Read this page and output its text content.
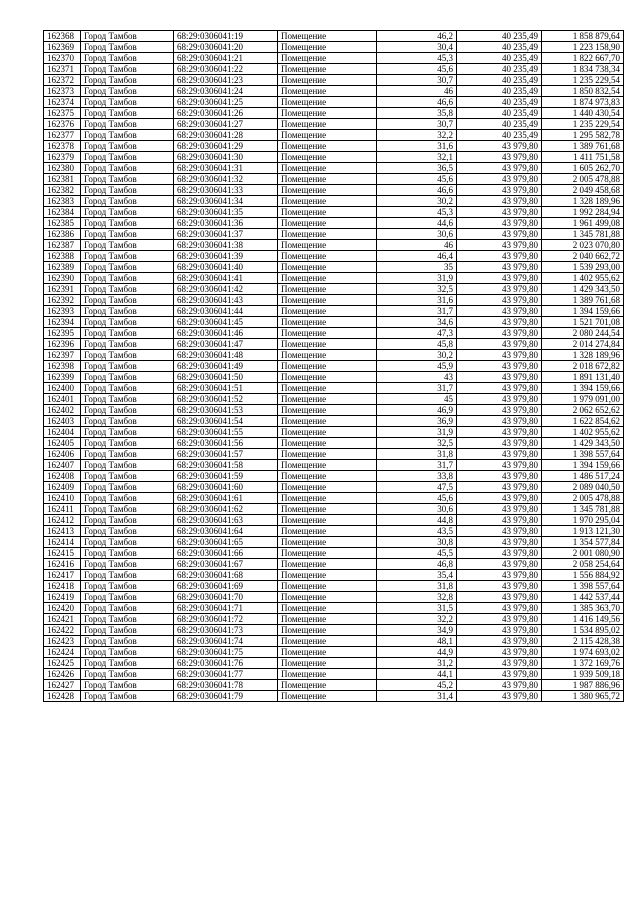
162368	Город Тамбов	68:29:0306041:19	Помещение	46,2	40 235,49	1 858 879,64
162369	Город Тамбов	68:29:0306041:20	Помещение	30,4	40 235,49	1 223 158,90
162370	Город Тамбов	68:29:0306041:21	Помещение	45,3	40 235,49	1 822 667,70
162371	Город Тамбов	68:29:0306041:22	Помещение	45,6	40 235,49	1 834 738,34
162372	Город Тамбов	68:29:0306041:23	Помещение	30,7	40 235,49	1 235 229,54
162373	Город Тамбов	68:29:0306041:24	Помещение	46	40 235,49	1 850 832,54
162374	Город Тамбов	68:29:0306041:25	Помещение	46,6	40 235,49	1 874 973,83
162375	Город Тамбов	68:29:0306041:26	Помещение	35,8	40 235,49	1 440 430,54
162376	Город Тамбов	68:29:0306041:27	Помещение	30,7	40 235,49	1 235 229,54
162377	Город Тамбов	68:29:0306041:28	Помещение	32,2	40 235,49	1 295 582,78
162378	Город Тамбов	68:29:0306041:29	Помещение	31,6	43 979,80	1 389 761,68
162379	Город Тамбов	68:29:0306041:30	Помещение	32,1	43 979,80	1 411 751,58
162380	Город Тамбов	68:29:0306041:31	Помещение	36,5	43 979,80	1 605 262,70
162381	Город Тамбов	68:29:0306041:32	Помещение	45,6	43 979,80	2 005 478,88
162382	Город Тамбов	68:29:0306041:33	Помещение	46,6	43 979,80	2 049 458,68
162383	Город Тамбов	68:29:0306041:34	Помещение	30,2	43 979,80	1 328 189,96
162384	Город Тамбов	68:29:0306041:35	Помещение	45,3	43 979,80	1 992 284,94
162385	Город Тамбов	68:29:0306041:36	Помещение	44,6	43 979,80	1 961 499,08
162386	Город Тамбов	68:29:0306041:37	Помещение	30,6	43 979,80	1 345 781,88
162387	Город Тамбов	68:29:0306041:38	Помещение	46	43 979,80	2 023 070,80
162388	Город Тамбов	68:29:0306041:39	Помещение	46,4	43 979,80	2 040 662,72
162389	Город Тамбов	68:29:0306041:40	Помещение	35	43 979,80	1 539 293,00
162390	Город Тамбов	68:29:0306041:41	Помещение	31,9	43 979,80	1 402 955,62
162391	Город Тамбов	68:29:0306041:42	Помещение	32,5	43 979,80	1 429 343,50
162392	Город Тамбов	68:29:0306041:43	Помещение	31,6	43 979,80	1 389 761,68
162393	Город Тамбов	68:29:0306041:44	Помещение	31,7	43 979,80	1 394 159,66
162394	Город Тамбов	68:29:0306041:45	Помещение	34,6	43 979,80	1 521 701,08
162395	Город Тамбов	68:29:0306041:46	Помещение	47,3	43 979,80	2 080 244,54
162396	Город Тамбов	68:29:0306041:47	Помещение	45,8	43 979,80	2 014 274,84
162397	Город Тамбов	68:29:0306041:48	Помещение	30,2	43 979,80	1 328 189,96
162398	Город Тамбов	68:29:0306041:49	Помещение	45,9	43 979,80	2 018 672,82
162399	Город Тамбов	68:29:0306041:50	Помещение	43	43 979,80	1 891 131,40
162400	Город Тамбов	68:29:0306041:51	Помещение	31,7	43 979,80	1 394 159,66
162401	Город Тамбов	68:29:0306041:52	Помещение	45	43 979,80	1 979 091,00
162402	Город Тамбов	68:29:0306041:53	Помещение	46,9	43 979,80	2 062 652,62
162403	Город Тамбов	68:29:0306041:54	Помещение	36,9	43 979,80	1 622 854,62
162404	Город Тамбов	68:29:0306041:55	Помещение	31,9	43 979,80	1 402 955,62
162405	Город Тамбов	68:29:0306041:56	Помещение	32,5	43 979,80	1 429 343,50
162406	Город Тамбов	68:29:0306041:57	Помещение	31,8	43 979,80	1 398 557,64
162407	Город Тамбов	68:29:0306041:58	Помещение	31,7	43 979,80	1 394 159,66
162408	Город Тамбов	68:29:0306041:59	Помещение	33,8	43 979,80	1 486 517,24
162409	Город Тамбов	68:29:0306041:60	Помещение	47,5	43 979,80	2 089 040,50
162410	Город Тамбов	68:29:0306041:61	Помещение	45,6	43 979,80	2 005 478,88
162411	Город Тамбов	68:29:0306041:62	Помещение	30,6	43 979,80	1 345 781,88
162412	Город Тамбов	68:29:0306041:63	Помещение	44,8	43 979,80	1 970 295,04
162413	Город Тамбов	68:29:0306041:64	Помещение	43,5	43 979,80	1 913 121,30
162414	Город Тамбов	68:29:0306041:65	Помещение	30,8	43 979,80	1 354 577,84
162415	Город Тамбов	68:29:0306041:66	Помещение	45,5	43 979,80	2 001 080,90
162416	Город Тамбов	68:29:0306041:67	Помещение	46,8	43 979,80	2 058 254,64
162417	Город Тамбов	68:29:0306041:68	Помещение	35,4	43 979,80	1 556 884,92
162418	Город Тамбов	68:29:0306041:69	Помещение	31,8	43 979,80	1 398 557,64
162419	Город Тамбов	68:29:0306041:70	Помещение	32,8	43 979,80	1 442 537,44
162420	Город Тамбов	68:29:0306041:71	Помещение	31,5	43 979,80	1 385 363,70
162421	Город Тамбов	68:29:0306041:72	Помещение	32,2	43 979,80	1 416 149,56
162422	Город Тамбов	68:29:0306041:73	Помещение	34,9	43 979,80	1 534 895,02
162423	Город Тамбов	68:29:0306041:74	Помещение	48,1	43 979,80	2 115 428,38
162424	Город Тамбов	68:29:0306041:75	Помещение	44,9	43 979,80	1 974 693,02
162425	Город Тамбов	68:29:0306041:76	Помещение	31,2	43 979,80	1 372 169,76
162426	Город Тамбов	68:29:0306041:77	Помещение	44,1	43 979,80	1 939 509,18
162427	Город Тамбов	68:29:0306041:78	Помещение	45,2	43 979,80	1 987 886,96
162428	Город Тамбов	68:29:0306041:79	Помещение	31,4	43 979,80	1 380 965,72
